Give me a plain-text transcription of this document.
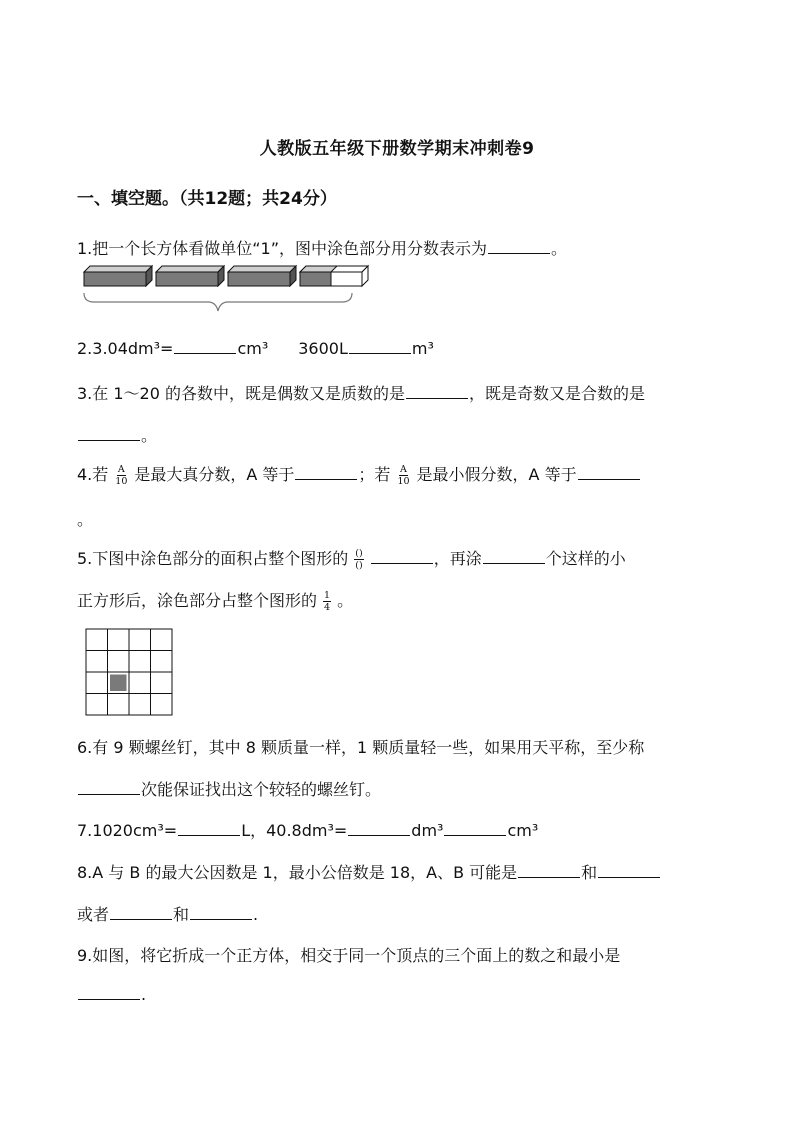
人教版五年级下册数学期末冲刺卷9
一、填空题。（共12题；共24分）
1.把一个长方体看做单位“1”，图中涂色部分用分数表示为	。
2.3.04dm³=	cm³ 3600L	m³
3.在 1～20 的各数中，既是偶数又是质数的是	，既是奇数又是合数的是
。
4.若 $\frac{A}{10}$ 是最大真分数，A 等于	；若 $\frac{A}{10}$ 是最小假分数，A 等于
。
5.下图中涂色部分的面积占整个图形的 $\frac{()}{()}$	，再涂	个这样的小
正方形后，涂色部分占整个图形的 $\frac{1}{4}$ 。
6.有 9 颗螺丝钉，其中 8 颗质量一样，1 颗质量轻一些，如果用天平称，至少称
次能保证找出这个较轻的螺丝钉。
7.1020cm³=	L，40.8dm³=	dm³	cm³
8.A 与 B 的最大公因数是 1，最小公倍数是 18，A、B 可能是	和
或者	和	.
9.如图，将它折成一个正方体，相交于同一个顶点的三个面上的数之和最小是
.
